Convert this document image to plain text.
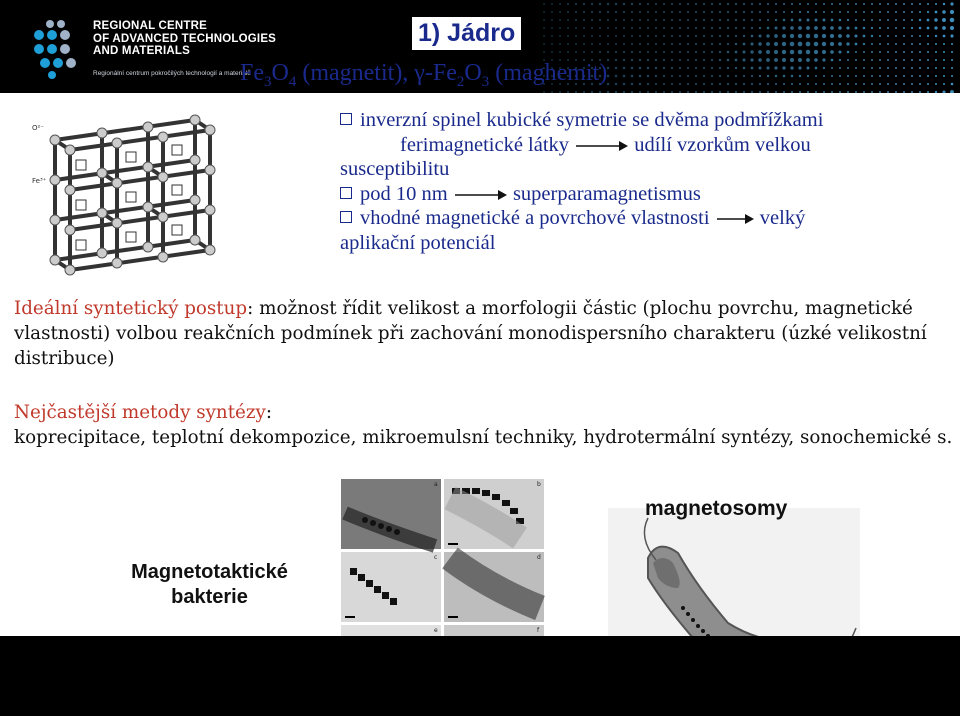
REGIONAL CENTRE
OF ADVANCED TECHNOLOGIES
AND MATERIALS
Regionální centrum pokročilých technologií a materiálů
1) Jádro
$Fe_3O_4$ (magnetit), $\gamma-Fe_2O_3$ (maghemit)
O²⁻
Fe³⁺
inverzní spinel kubické symetrie se dvěma podmřížkami
ferimagnetické látky	udílí vzorkům velkou
susceptibilitu
pod 10 nm	superparamagnetismus
vhodné magnetické a povrchové vlastnosti velký
aplikační potenciál
Ideální syntetický postup: možnost řídit velikost a morfologii částic (plochu povrchu, magnetické vlastnosti) volbou reakčních podmínek při zachování monodispersního charakteru (úzké velikostní distribuce)
Nejčastější metody syntézy:
koprecipitace, teplotní dekompozice, mikroemulsní techniky, hydrotermální syntézy, sonochemické s.
a	b
c	d
e	f
Magnetotaktické bakterie
magnetosomy
